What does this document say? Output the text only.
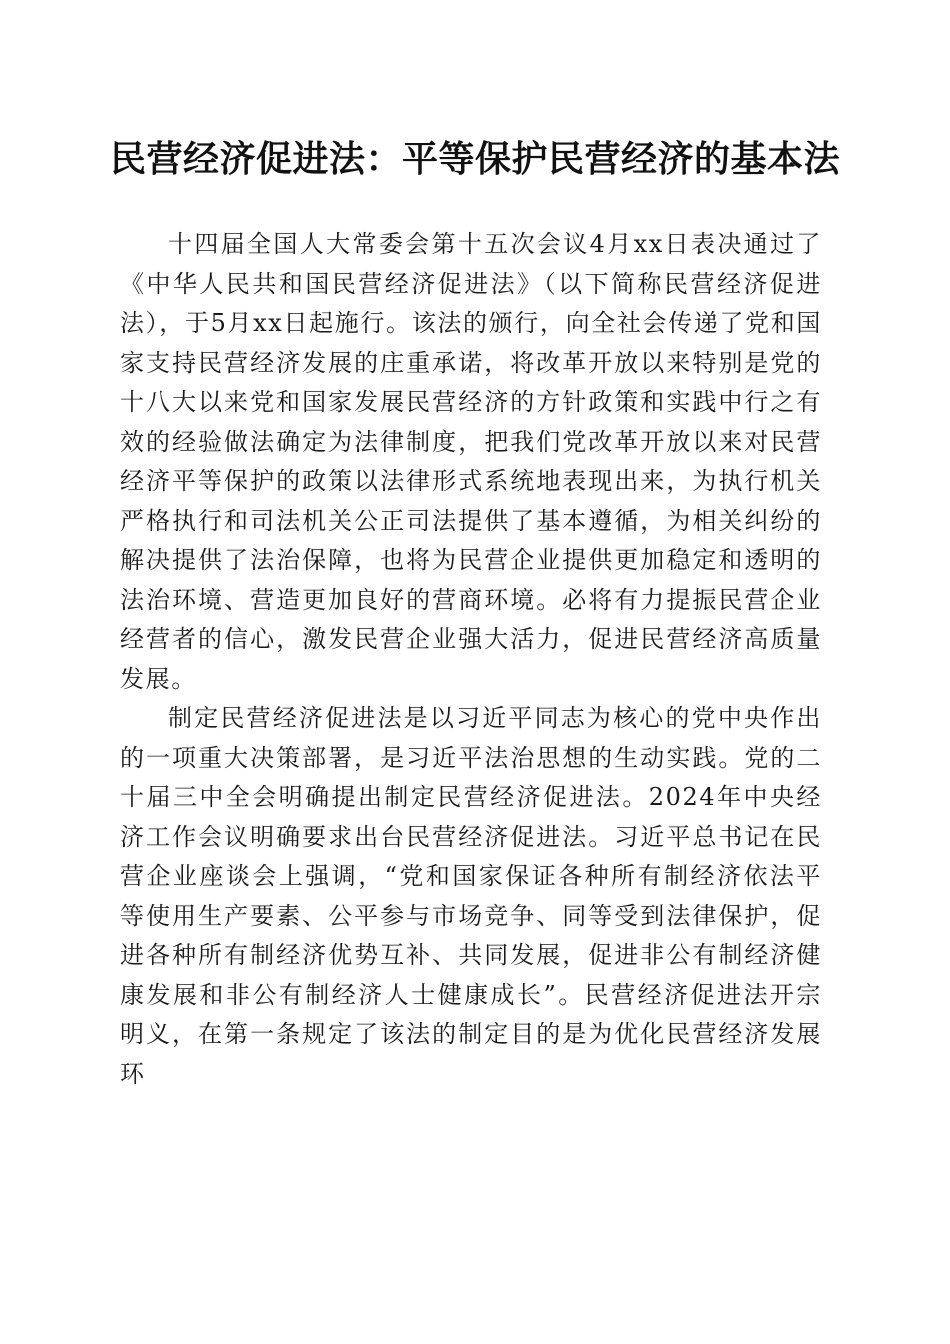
民营经济促进法：平等保护民营经济的基本法

十四届全国人大常委会第十五次会议4月xx日表决通过了《中华人民共和国民营经济促进法》（以下简称民营经济促进法），于5月xx日起施行。该法的颁行，向全社会传递了党和国家支持民营经济发展的庄重承诺，将改革开放以来特别是党的十八大以来党和国家发展民营经济的方针政策和实践中行之有效的经验做法确定为法律制度，把我们党改革开放以来对民营经济平等保护的政策以法律形式系统地表现出来，为执行机关严格执行和司法机关公正司法提供了基本遵循，为相关纠纷的解决提供了法治保障，也将为民营企业提供更加稳定和透明的法治环境、营造更加良好的营商环境。必将有力提振民营企业经营者的信心，激发民营企业强大活力，促进民营经济高质量发展。

制定民营经济促进法是以习近平同志为核心的党中央作出的一项重大决策部署，是习近平法治思想的生动实践。党的二十届三中全会明确提出制定民营经济促进法。2024年中央经济工作会议明确要求出台民营经济促进法。习近平总书记在民营企业座谈会上强调，“党和国家保证各种所有制经济依法平等使用生产要素、公平参与市场竞争、同等受到法律保护，促进各种所有制经济优势互补、共同发展，促进非公有制经济健康发展和非公有制经济人士健康成长”。民营经济促进法开宗明义，在第一条规定了该法的制定目的是为优化民营经济发展环
